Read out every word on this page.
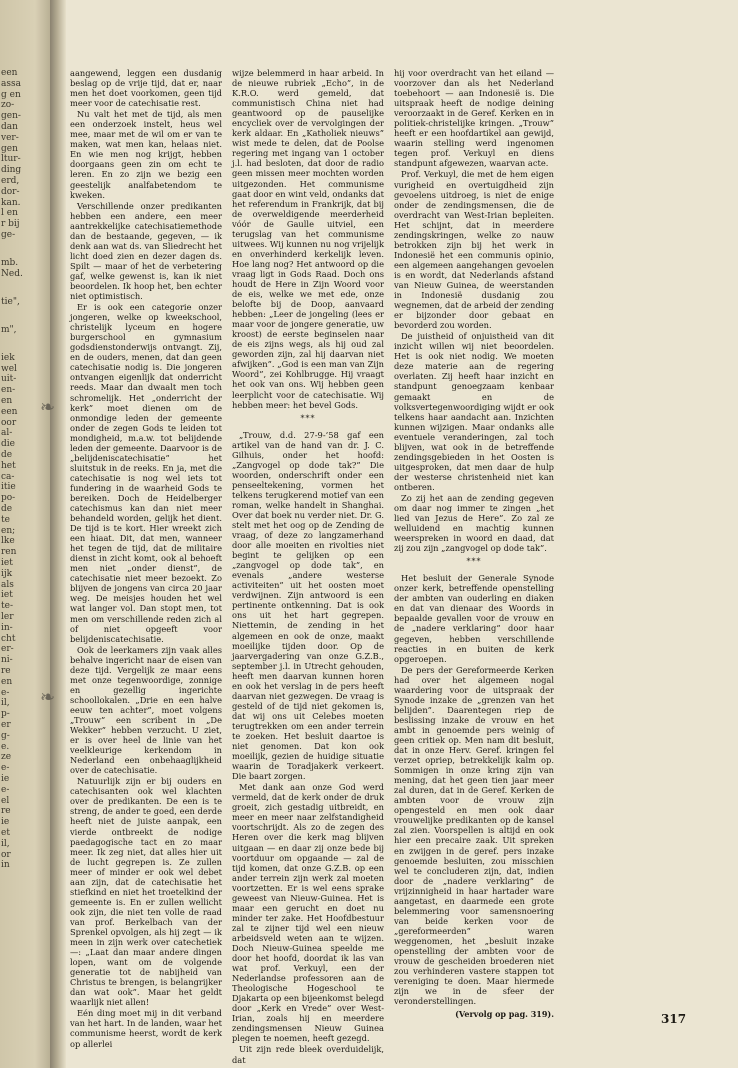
een
assa
g en
zo-
gen-
dan
ver-
gen
ltur-
ding
erd,
dor-
kan.
l en
r bij
ge-
mb.
Ned.
tie",
m",
iek
wel
uit-
en-
en
een
oor
al-
die
de
het
ca-
itie
po-
de
te
en;
lke
ren
iet
ijk
als
iet
te-
ler
in-
cht
er-
ni-
re
en
e-
il,
p-
er
g-
e.
ze
e-
ie
e-
el
re
ie
et
il,
or
in
❧
❧

aangewend, leggen een dusdanig beslag op de vrije tijd, dat er, naar men het doet voorkomen, geen tijd meer voor de catechisatie rest.

Nu valt het met de tijd, als men een onderzoek instelt, heus wel mee, maar met de wil om er van te maken, wat men kan, helaas niet. En wie men nog krijgt, hebben doorgaans geen zin om echt te leren. En zo zijn we bezig een geestelijk analfabetendom te kweken.

Verschillende onzer predikanten hebben een andere, een meer aantrekkelijke catechisatiemethode dan de bestaande, gegeven, — ik denk aan wat ds. van Sliedrecht het licht doed zien en dezer dagen ds. Spilt — maar of het de verbetering gaf, welke gewenst is, kan ik niet beoordelen. Ik hoop het, ben echter niet optimistisch.

Er is ook een categorie onzer jongeren, welke op kweekschool, christelijk lyceum en hogere burgerschool en gymnasium godsdienstonderwijs ontvangt. Zij, en de ouders, menen, dat dan geen catechisatie nodig is. Die jongeren ontvangen eigenlijk dat onderricht reeds. Maar dan dwaalt men toch schromelijk. Het „onderricht der kerk” moet dienen om de onmondige leden der gemeente onder de zegen Gods te leiden tot mondigheid, m.a.w. tot belijdende leden der gemeente. Daarvoor is de „belijdeniscatechisatie” het sluitstuk in de reeks. En ja, met die catechisatie is nog wel iets tot fundering in de waarheid Gods te bereiken. Doch de Heidelberger catechismus kan dan niet meer behandeld worden, gelijk het dient. De tijd is te kort. Hier wreekt zich een hiaat. Dit, dat men, wanneer het tegen de tijd, dat de militaire dienst in zicht komt, ook al behoeft men niet „onder dienst”, de catechisatie niet meer bezoekt. Zo blijven de jongens van circa 20 jaar weg. De meisjes houden het wel wat langer vol. Dan stopt men, tot men om verschillende reden zich al of niet opgeeft voor belijdeniscatechisatie.

Ook de leerkamers zijn vaak alles behalve ingericht naar de eisen van deze tijd. Vergelijk ze maar eens met onze tegenwoordige, zonnige en gezellig ingerichte schoollokalen. „Drie en een halve eeuw ten achter”, moet volgens „Trouw” een scribent in „De Wekker” hebben verzucht. U ziet, er is over heel de linie van het veelkleurige kerkendom in Nederland een onbehaaglijkheid over de catechisatie.

Natuurlijk zijn er bij ouders en catechisanten ook wel klachten over de predikanten. De een is te streng, de ander te goed, een derde heeft niet de juiste aanpak, een vierde ontbreekt de nodige paedagogische tact en zo maar meer. Ik zeg niet, dat alles hier uit de lucht gegrepen is. Ze zullen meer of minder er ook wel debet aan zijn, dat de catechisatie het stiefkind en niet het troetelkind der gemeente is. En er zullen wellicht ook zijn, die niet ten volle de raad van prof. Berkelbach van der Sprenkel opvolgen, als hij zegt — ik meen in zijn werk over catechetiek —: „Laat dan maar andere dingen lopen, want om de volgende generatie tot de nabijheid van Christus te brengen, is belangrijker dan wat ook”. Maar het geldt waarlijk niet allen!

Eén ding moet mij in dit verband van het hart. In de landen, waar het communisme heerst, wordt de kerk op allerlei

wijze belemmerd in haar arbeid. In de nieuwe rubriek „Echo”, in de K.R.O. werd gemeld, dat communistisch China niet had geantwoord op de pauselijke encycliek over de vervolgingen der kerk aldaar. En „Katholiek nieuws” wist mede te delen, dat de Poolse regering met ingang van 1 october j.l. had besloten, dat door de radio geen missen meer mochten worden uitgezonden. Het communisme gaat door en wint veld, ondanks dat het referendum in Frankrijk, dat bij de overweldigende meerderheid vóór de Gaulle uitviel, een terugslag van het communisme uitwees. Wij kunnen nu nog vrijelijk en onverhinderd kerkelijk leven. Hoe lang nog? Het antwoord op die vraag ligt in Gods Raad. Doch ons houdt de Here in Zijn Woord voor de eis, welke we met ede, onze belofte bij de Doop, aanvaard hebben: „Leer de jongeling (lees er maar voor de jongere generatie, uw kroost) de eerste beginselen naar de eis zijns wegs, als hij oud zal geworden zijn, zal hij daarvan niet afwijken”. „God is een man van Zijn Woord”, zei Kohlbrugge. Hij vraagt het ook van ons. Wij hebben geen leerplicht voor de catechisatie. Wij hebben meer: het bevel Gods.

***

„Trouw, d.d. 27-9-’58 gaf een artikel van de hand van dr. J. C. Gilhuis, onder het hoofd: „Zangvogel op dode tak?” Die woorden, onderschrift onder een penseeltekening, vormen het telkens terugkerend motief van een roman, welke handelt in Shanghai. Over dat boek nu verder niet. Dr. G. stelt met het oog op de Zending de vraag, of deze zo langzamerhand door alle moeiten en rivolties niet begint te gelijken op een „zangvogel op dode tak”, en evenals „andere westerse activiteiten” uit het oosten moet verdwijnen. Zijn antwoord is een pertinente ontkenning. Dat is ook ons uit het hart gegrepen. Niettemin, de zending in het algemeen en ook de onze, maakt moeilijke tijden door. Op de jaarvergadering van onze G.Z.B., september j.l. in Utrecht gehouden, heeft men daarvan kunnen horen en ook het verslag in de pers heeft daarvan niet gezwegen. De vraag is gesteld of de tijd niet gekomen is, dat wij ons uit Celebes moeten terugtrekken om een ander terrein te zoeken. Het besluit daartoe is niet genomen. Dat kon ook moeilijk, gezien de huidige situatie waarin de Toradjakerk verkeert. Die baart zorgen.

Met dank aan onze God werd vermeld, dat de kerk onder de druk groeit, zich gestadig uitbreidt, en meer en meer naar zelfstandigheid voortschrijdt. Als zo de zegen des Heren over die kerk mag blijven uitgaan — en daar zij onze bede bij voortduur om opgaande — zal de tijd komen, dat onze G.Z.B. op een ander terrein zijn werk zal moeten voortzetten. Er is wel eens sprake geweest van Nieuw-Guinea. Het is maar een gerucht en doet nu minder ter zake. Het Hoofdbestuur zal te zijner tijd wel een nieuw arbeidsveld weten aan te wijzen. Doch Nieuw-Guinea speelde me door het hoofd, doordat ik las van wat prof. Verkuyl, een der Nederlandse professoren aan de Theologische Hogeschool te Djakarta op een bijeenkomst belegd door „Kerk en Vrede” over West-Irian, zoals hij en meerdere zendingsmensen Nieuw Guinea plegen te noemen, heeft gezegd.

Uit zijn rede bleek overduidelijk, dat

hij voor overdracht van het eiland — voorzover dan als het Nederland toebehoort — aan Indonesië is. Die uitspraak heeft de nodige deining veroorzaakt in de Geref. Kerken en in politiek-christelijke kringen. „Trouw” heeft er een hoofdartikel aan gewijd, waarin stelling werd ingenomen tegen prof. Verkuyl en diens standpunt afgewezen, waarvan acte.

Prof. Verkuyl, die met de hem eigen vurigheid en overtuigdheid zijn gevoelens uitdroeg, is niet de enige onder de zendingsmensen, die de overdracht van West-Irian bepleiten. Het schijnt, dat in meerdere zendingskringen, welke zo nauw betrokken zijn bij het werk in Indonesië het een communis opinio, een algemeen aangehangen gevoelen is en wordt, dat Nederlands afstand van Nieuw Guinea, de weerstanden in Indonesië dusdanig zou wegnemen, dat de arbeid der zending er bijzonder door gebaat en bevorderd zou worden.

De juistheid of onjuistheid van dit inzicht willen wij niet beoordelen. Het is ook niet nodig. We moeten deze materie aan de regering overlaten. Zij heeft haar inzicht en standpunt genoegzaam kenbaar gemaakt en de volksvertegenwoordiging wijdt er ook telkens haar aandacht aan. Inzichten kunnen wijzigen. Maar ondanks alle eventuele veranderingen, zal toch blijven, wat ook in de betreffende zendingsgebieden in het Oosten is uitgesproken, dat men daar de hulp der westerse christenheid niet kan ontberen.

Zo zij het aan de zending gegeven om daar nog immer te zingen „het lied van Jezus de Here”. Zo zal ze welluidend en machtig kunnen weerspreken in woord en daad, dat zij zou zijn „zangvogel op dode tak”.

***

Het besluit der Generale Synode onzer kerk, betreffende openstelling der ambten van ouderling en diaken en dat van dienaar des Woords in bepaalde gevallen voor de vrouw en de „nadere verklaring” door haar gegeven, hebben verschillende reacties in en buiten de kerk opgeroepen.

De pers der Gereformeerde Kerken had over het algemeen nogal waardering voor de uitspraak der Synode inzake de „grenzen van het belijden”. Daarentegen riep de beslissing inzake de vrouw en het ambt in genoemde pers weinig of geen critiek op. Men nam dit besluit, dat in onze Herv. Geref. kringen fel verzet opriep, betrekkelijk kalm op. Sommigen in onze kring zijn van mening, dat het geen tien jaar meer zal duren, dat in de Geref. Kerken de ambten voor de vrouw zijn opengesteld en men ook daar vrouwelijke predikanten op de kansel zal zien. Voorspellen is altijd en ook hier een precaire zaak. Uit spreken en zwijgen in de geref. pers inzake genoemde besluiten, zou misschien wel te concluderen zijn, dat, indien door de „nadere verklaring” de vrijzinnigheid in haar hartader ware aangetast, en daarmede een grote belemmering voor samensnoering van beide kerken voor de „gereformeerden” waren weggenomen, het „besluit inzake openstelling der ambten voor de vrouw de gescheiden broederen niet zou verhinderen vastere stappen tot vereniging te doen. Maar hiermede zijn we in de sfeer der veronderstellingen.

(Vervolg op pag. 319).	317
